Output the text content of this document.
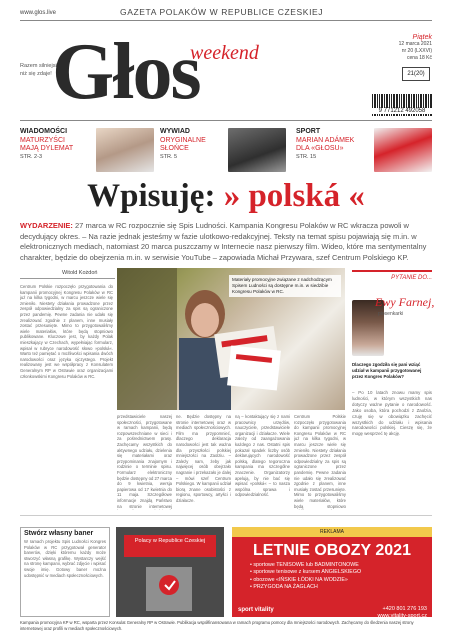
www.glos.live	GAZETA POLAKÓW W REPUBLICE CZESKIEJ
Razem silniejsi niż się zdaje! Głos
weekend
Piątek
12 marca 2021
nr 20 (LXXVI)
cena 18 Kč
21(20)
9 771212 492058
WIADOMOŚCI
MATURZYŚCI
MAJĄ DYLEMAT
STR. 2-3
WYWIAD
ORYGINALNE
SŁOŃCE
STR. 5
SPORT
MARIAN ADÁMEK
DLA «GŁOSU»
STR. 15
Wpisuję: » polská «
WYDARZENIE: 27 marca w RC rozpocznie się Spis Ludności. Kampania Kongresu Polaków w RC wkracza powoli w decydujący okres. – Na razie jednak jesteśmy w fazie ulotkowo-redakcyjnej. Teksty na temat spisu pojawiają się m.in. w elektronicznych mediach, natomiast 20 marca puszczamy w Internecie nasz pierwszy film. Wideo, które ma sentymentalny charakter, będzie do obejrzenia m.in. w serwisie YouTube – zapowiada Michał Przywara, szef Centrum Polskiego KP.
Witold Kożdoń
Centrum Polskie rozpoczęło przygotowania do kampanii promocyjnej Kongresu Polaków w RC już na kilka tygodni, w marcu jeszcze wiele się zmieniło. Niestety działania prowadzone przez zespół odpowiedzialny za spis są ograniczone przez pandemię. Pewne zadania nie udało się zrealizować zgodnie z planem, inne musiały zostać przesunięte. Mimo to przygotowaliśmy wiele materiałów, które będą stopniowo publikowane. Kluczowe jest, by każdy Polak mieszkający w Czechach, wypełniając formularz, wpisał w rubryce narodowość słowo »polská«. Warto też pamiętać o możliwości wpisania dwóch narodowości oraz języka ojczystego. Projekt realizowany jest we współpracy z Konsulatem Generalnym RP w Ostrawie oraz organizacjami członkowskimi Kongresu Polaków w RC.
Materiały promocyjne związane z nadchodzącym Spisem Ludności są dostępne m.in. w siedzibie Kongresu Polaków w RC.
przedstawiciele naszej społeczności, przygotowane w ramach kampanii, będą rozpowszechniane w sieci i za pośrednictwem prasy. Zachęcamy wszystkich do aktywnego udziału, dzielenia się materiałami oraz przypominania znajomym i rodzinie o terminie spisu. Formularz elektroniczny będzie dostępny od 27 marca do 9 kwietnia, wersja papierowa od 17 kwietnia do 11 maja. Szczegółowe informacje znajdą Państwo na stronie internetowej
ne. Będzie dostępny na stronie internetowej oraz w mediach społecznościowych. Film ma przypomnieć, dlaczego deklaracja narodowości jest tak ważna dla przyszłości polskiej mniejszości na Zaolziu. – Zależy nam, żeby jak najwięcej osób obejrzało nagranie i przekazało je dalej – mówi szef Centrum Polskiego. W kampanii udział biorą znane osobistości z regionu, sportowcy, artyści i działacze.
ną – kontaktujący się z nami pracownicy urzędów, nauczyciele, przedstawiciele organizacji i działacze. Wiele zależy od zaangażowania każdego z nas. Ostatni spis pokazał spadek liczby osób deklarujących narodowość polską, dlatego tegoroczna kampania ma szczególne znaczenie. Organizatorzy apelują, by nie bać się wpisać »polská« – to nasza wspólna sprawa i odpowiedzialność.
Centrum Polskie rozpoczęło przygotowania do kampanii promocyjnej Kongresu Polaków w RC już na kilka tygodni, w marcu jeszcze wiele się zmieniło. Niestety działania prowadzone przez zespół odpowiedzialny za spis są ograniczone przez pandemię. Pewne zadania nie udało się zrealizować zgodnie z planem, inne musiały zostać przesunięte. Mimo to przygotowaliśmy wiele materiałów, które będą stopniowo
PYTANIE DO...
Ewy Farnej,
piosenkarki
Dlaczego zgodziła się pani wziąć udział w kampanii przygotowanej przez Kongres Polaków?
– Po 10 latach znowu mamy spis ludności, w którym wszystkich nas dotyczy ważne pytanie o narodowość. Jako osoba, która pochodzi z Zaolzia, czuję się w obowiązku zachęcić wszystkich do udziału i wpisania narodowości polskiej. Cieszę się, że mogę wesprzeć tę akcję.
Stwórz własny baner
W ramach projektu Spis Ludności Kongres Polaków w RC przygotował generator banerów, dzięki któremu każdy może stworzyć własną grafikę. Wystarczy wejść na stronę kampanii, wybrać zdjęcie i wpisać swoje imię. Gotowy baner można udostępnić w mediach społecznościowych.
Polacy w Republice Czeskiej
REKLAMA
LETNIE OBOZY 2021
• sportowe TENISOWE lub BADMINTONOWE
• sportowe tenisowe z kursem ANGIELSKIEGO
• obozowe «IŃSKIE ŁÓDKI NA WODZIE»
• PRZYGODA NA ŻAGLACH
sport vitality	+420 801 276 193
www.vitality-sport.cz
Kampania promocyjna KP w RC, wsparta przez Konsulat Generalny RP w Ostrawie. Publikacja współfinansowana w ramach programu pomocy dla mniejszości narodowych. Zachęcamy do śledzenia naszej strony internetowej oraz profili w mediach społecznościowych.
